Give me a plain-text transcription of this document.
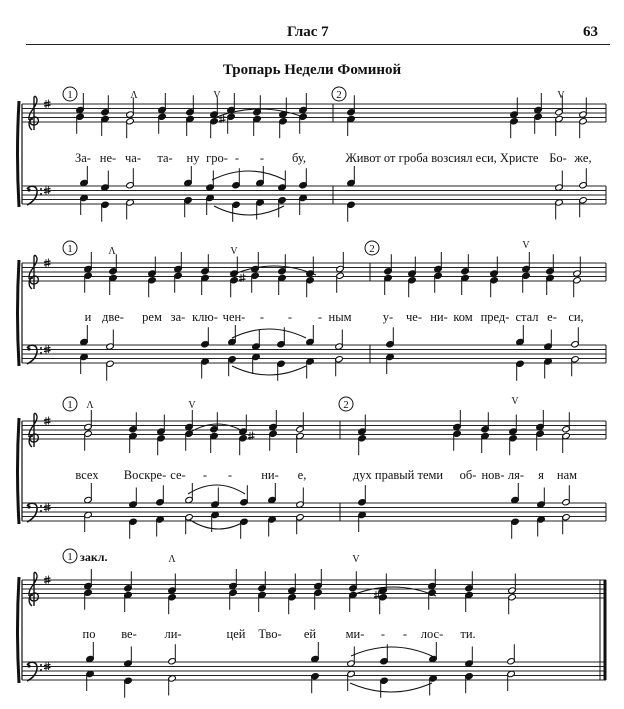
Глас 7	63
Тропарь Недели Фоминой
1	2
Λ	V	V
За- не- ча- та- ну гро- - - бу,	Живот от гроба возсиял еси, Христе Бо- же,
1	2
Λ	V
V
и две- рем за- клю- чен- - - - ным	у- че- ни- ком пред- стал е- си,
1	2
Λ	V	V
всех Воскре- се- - - ни- е,	дух правый теми об- нов- ля- я нам
1	Λ	V
закл.
по ве- ли-	цей Тво- ей ми- - - лос- ти.
